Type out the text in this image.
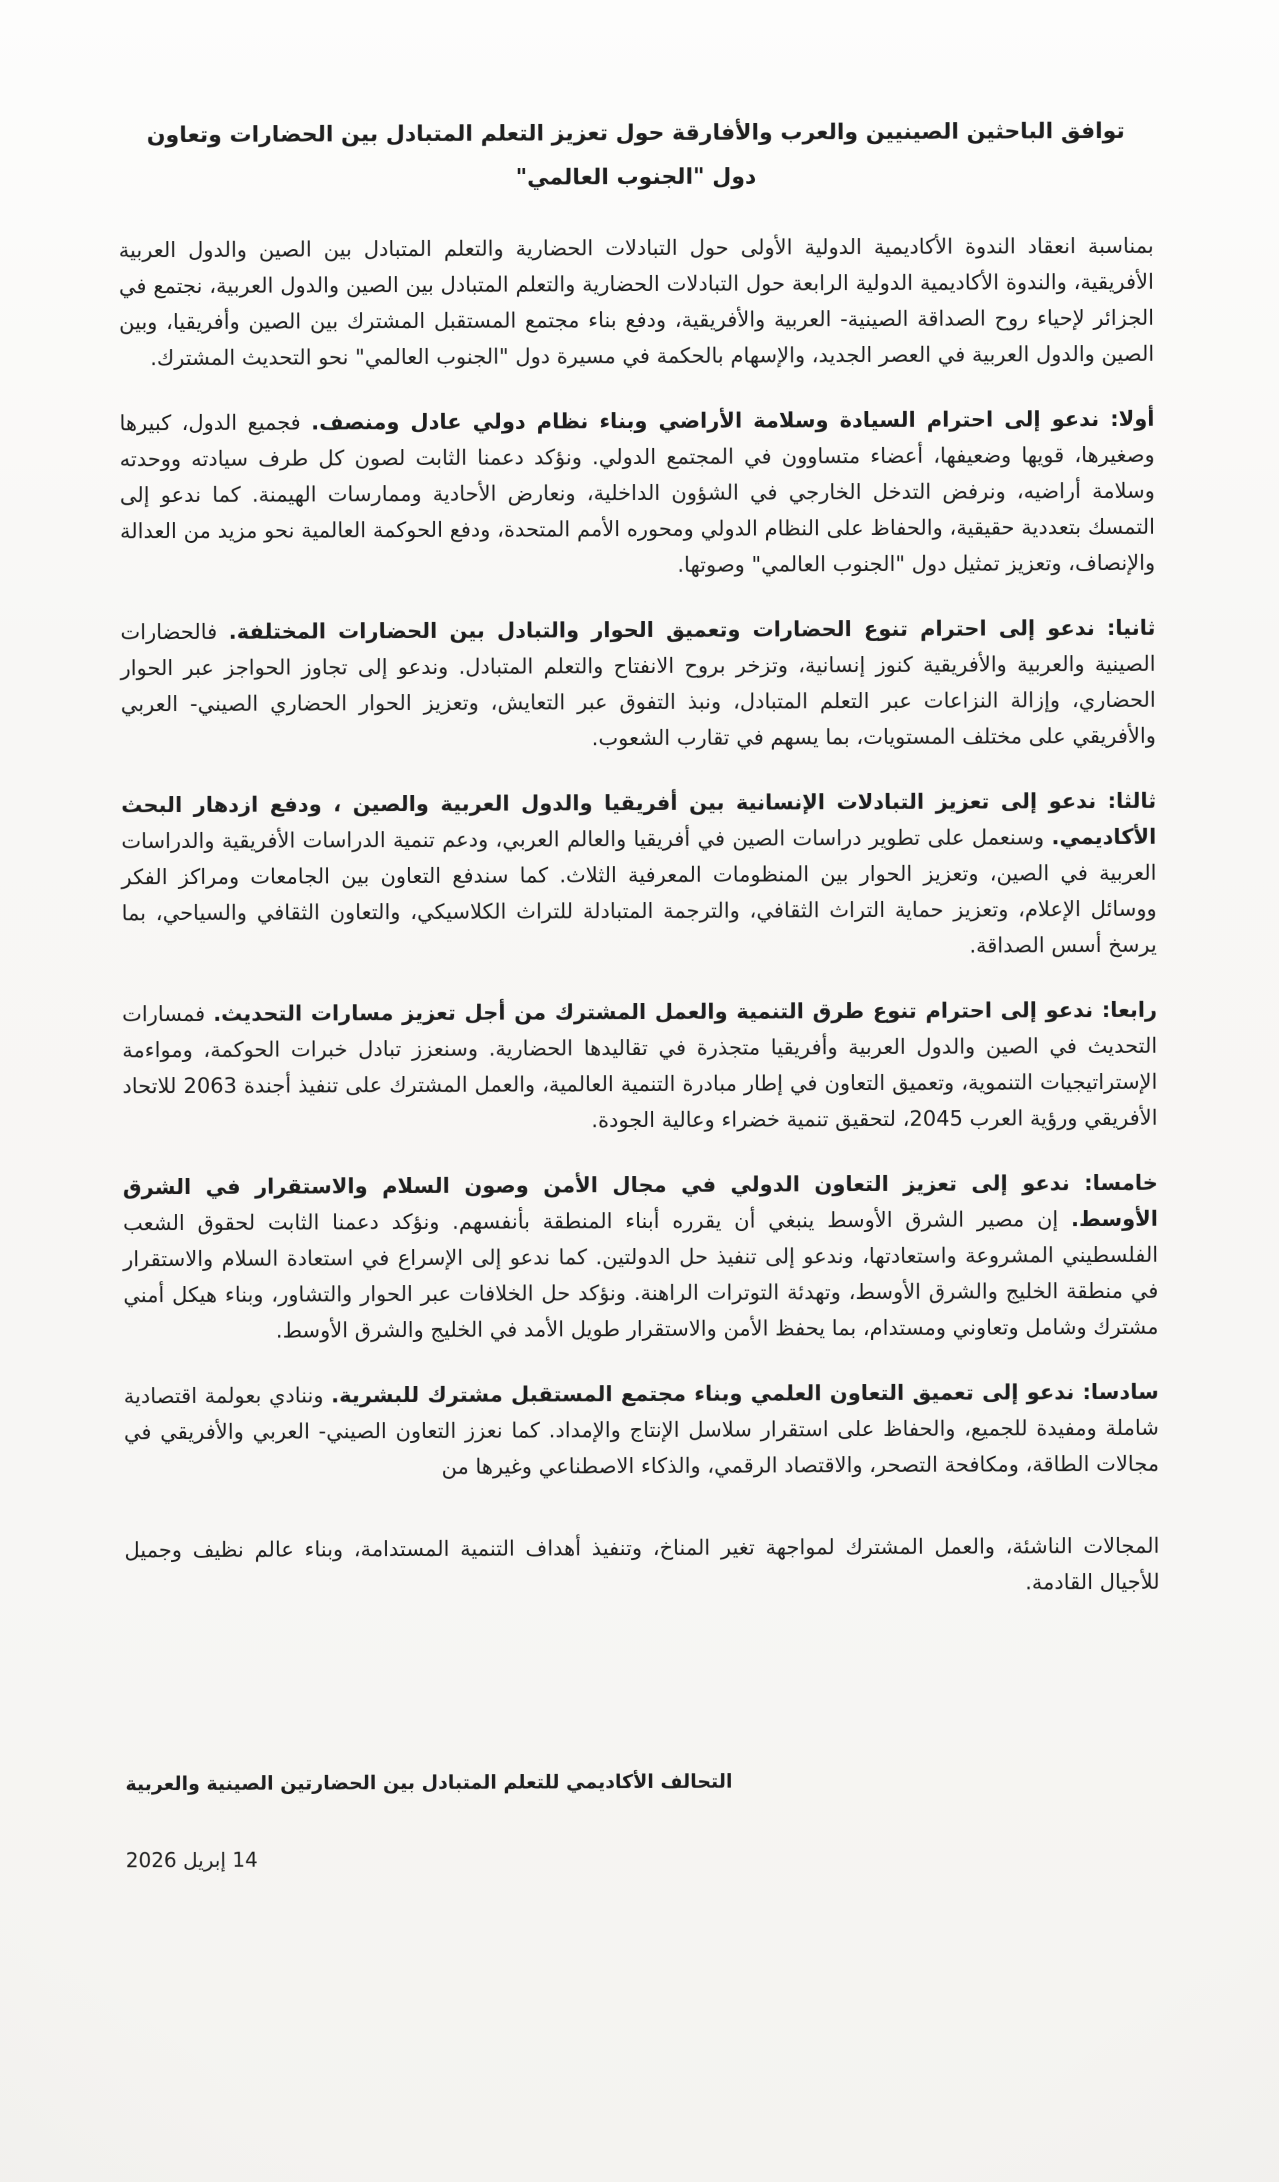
توافق الباحثين الصينيين والعرب والأفارقة حول تعزيز التعلم المتبادل بين الحضارات وتعاون دول "الجنوب العالمي"

بمناسبة انعقاد الندوة الأكاديمية الدولية الأولى حول التبادلات الحضارية والتعلم المتبادل بين الصين والدول العربية الأفريقية، والندوة الأكاديمية الدولية الرابعة حول التبادلات الحضارية والتعلم المتبادل بين الصين والدول العربية، نجتمع في الجزائر لإحياء روح الصداقة الصينية- العربية والأفريقية، ودفع بناء مجتمع المستقبل المشترك بين الصين وأفريقيا، وبين الصين والدول العربية في العصر الجديد، والإسهام بالحكمة في مسيرة دول "الجنوب العالمي" نحو التحديث المشترك.

أولا: ندعو إلى احترام السيادة وسلامة الأراضي وبناء نظام دولي عادل ومنصف. فجميع الدول، كبيرها وصغيرها، قويها وضعيفها، أعضاء متساوون في المجتمع الدولي. ونؤكد دعمنا الثابت لصون كل طرف سيادته ووحدته وسلامة أراضيه، ونرفض التدخل الخارجي في الشؤون الداخلية، ونعارض الأحادية وممارسات الهيمنة. كما ندعو إلى التمسك بتعددية حقيقية، والحفاظ على النظام الدولي ومحوره الأمم المتحدة، ودفع الحوكمة العالمية نحو مزيد من العدالة والإنصاف، وتعزيز تمثيل دول "الجنوب العالمي" وصوتها.

ثانيا: ندعو إلى احترام تنوع الحضارات وتعميق الحوار والتبادل بين الحضارات المختلفة. فالحضارات الصينية والعربية والأفريقية كنوز إنسانية، وتزخر بروح الانفتاح والتعلم المتبادل. وندعو إلى تجاوز الحواجز عبر الحوار الحضاري، وإزالة النزاعات عبر التعلم المتبادل، ونبذ التفوق عبر التعايش، وتعزيز الحوار الحضاري الصيني- العربي والأفريقي على مختلف المستويات، بما يسهم في تقارب الشعوب.

ثالثا: ندعو إلى تعزيز التبادلات الإنسانية بين أفريقيا والدول العربية والصين ، ودفع ازدهار البحث الأكاديمي. وسنعمل على تطوير دراسات الصين في أفريقيا والعالم العربي، ودعم تنمية الدراسات الأفريقية والدراسات العربية في الصين، وتعزيز الحوار بين المنظومات المعرفية الثلاث. كما سندفع التعاون بين الجامعات ومراكز الفكر ووسائل الإعلام، وتعزيز حماية التراث الثقافي، والترجمة المتبادلة للتراث الكلاسيكي، والتعاون الثقافي والسياحي، بما يرسخ أسس الصداقة.

رابعا: ندعو إلى احترام تنوع طرق التنمية والعمل المشترك من أجل تعزيز مسارات التحديث. فمسارات التحديث في الصين والدول العربية وأفريقيا متجذرة في تقاليدها الحضارية. وسنعزز تبادل خبرات الحوكمة، ومواءمة الإستراتيجيات التنموية، وتعميق التعاون في إطار مبادرة التنمية العالمية، والعمل المشترك على تنفيذ أجندة 2063 للاتحاد الأفريقي ورؤية العرب 2045، لتحقيق تنمية خضراء وعالية الجودة.

خامسا: ندعو إلى تعزيز التعاون الدولي في مجال الأمن وصون السلام والاستقرار في الشرق الأوسط. إن مصير الشرق الأوسط ينبغي أن يقرره أبناء المنطقة بأنفسهم. ونؤكد دعمنا الثابت لحقوق الشعب الفلسطيني المشروعة واستعادتها، وندعو إلى تنفيذ حل الدولتين. كما ندعو إلى الإسراع في استعادة السلام والاستقرار في منطقة الخليج والشرق الأوسط، وتهدئة التوترات الراهنة. ونؤكد حل الخلافات عبر الحوار والتشاور، وبناء هيكل أمني مشترك وشامل وتعاوني ومستدام، بما يحفظ الأمن والاستقرار طويل الأمد في الخليج والشرق الأوسط.

سادسا: ندعو إلى تعميق التعاون العلمي وبناء مجتمع المستقبل مشترك للبشرية. وننادي بعولمة اقتصادية شاملة ومفيدة للجميع، والحفاظ على استقرار سلاسل الإنتاج والإمداد. كما نعزز التعاون الصيني- العربي والأفريقي في مجالات الطاقة، ومكافحة التصحر، والاقتصاد الرقمي، والذكاء الاصطناعي وغيرها من

المجالات الناشئة، والعمل المشترك لمواجهة تغير المناخ، وتنفيذ أهداف التنمية المستدامة، وبناء عالم نظيف وجميل للأجيال القادمة.

التحالف الأكاديمي للتعلم المتبادل بين الحضارتين الصينية والعربية

14 إبريل 2026
